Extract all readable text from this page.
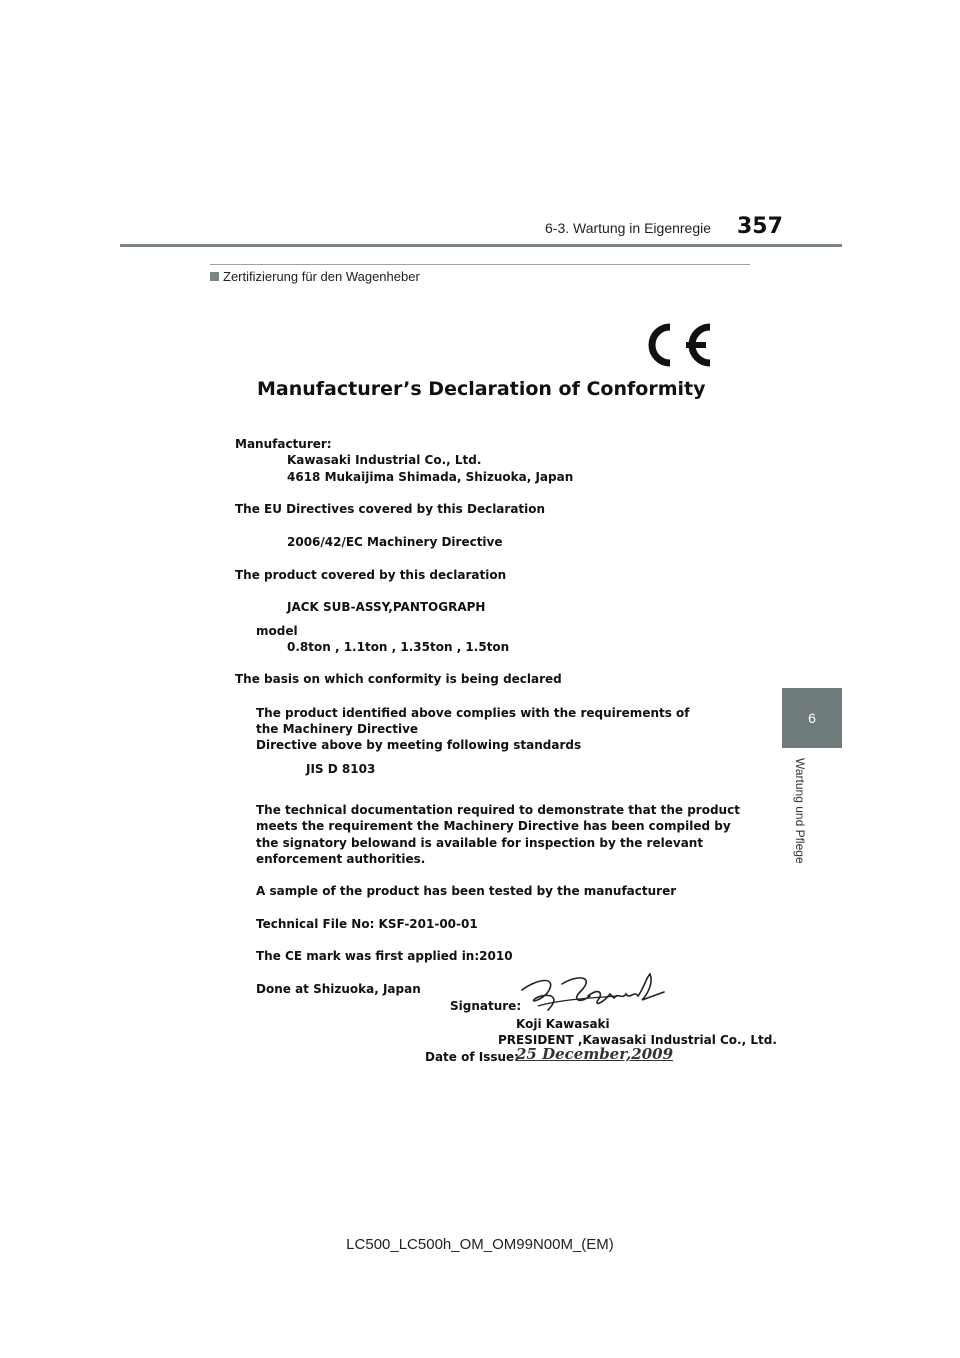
6-3. Wartung in Eigenregie 357
Zertifizierung für den Wagenheber
6
Wartung und Pflege
Manufacturer’s Declaration of Conformity
Manufacturer:
Kawasaki Industrial Co., Ltd.
4618 Mukaijima Shimada, Shizuoka, Japan
The EU Directives covered by this Declaration
2006/42/EC Machinery Directive
The product covered by this declaration
JACK SUB-ASSY,PANTOGRAPH
model
0.8ton , 1.1ton , 1.35ton , 1.5ton
The basis on which conformity is being declared
The product identified above complies with the requirements of
the Machinery Directive
Directive above by meeting following standards
JIS D 8103
The technical documentation required to demonstrate that the product
meets the requirement the Machinery Directive has been compiled by
the signatory belowand is available for inspection by the relevant
enforcement authorities.
A sample of the product has been tested by the manufacturer
Technical File No: KSF-201-00-01
The CE mark was first applied in:2010
Done at Shizuoka, Japan
Signature:
Koji Kawasaki
PRESIDENT ,Kawasaki Industrial Co., Ltd.
Date of Issue:
25 December,2009
LC500_LC500h_OM_OM99N00M_(EM)
